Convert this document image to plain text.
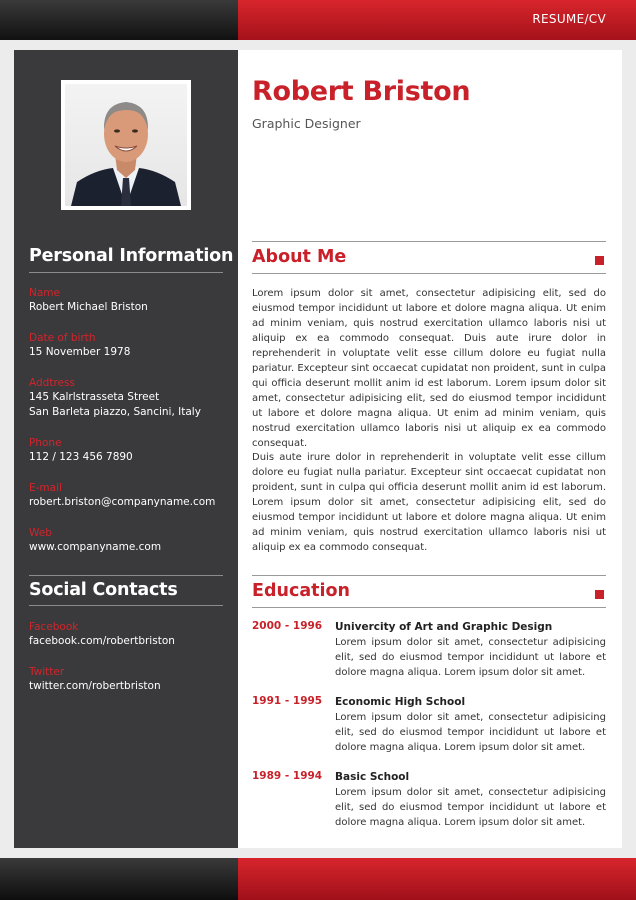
RESUME/CV
Personal Information
Name
Robert Michael Briston
Date of birth
15 November 1978
Addtress
145 Kalrlstrasseta Street
San Barleta piazzo, Sancini, Italy
Phone
112 / 123 456 7890
E-mail
robert.briston@companyname.com
Web
www.companyname.com
Social Contacts
Facebook
facebook.com/robertbriston
Twitter
twitter.com/robertbriston
Robert Briston
Graphic Designer
About Me
Lorem ipsum dolor sit amet, consectetur adipisicing elit, sed do eiusmod tempor incididunt ut labore et dolore magna aliqua. Ut enim ad minim veniam, quis nostrud exercitation ullamco laboris nisi ut aliquip ex ea commodo consequat. Duis aute irure dolor in reprehenderit in voluptate velit esse cillum dolore eu fugiat nulla pariatur. Excepteur sint occaecat cupidatat non proident, sunt in culpa qui officia deserunt mollit anim id est laborum. Lorem ipsum dolor sit amet, consectetur adipisicing elit, sed do eiusmod tempor incididunt ut labore et dolore magna aliqua. Ut enim ad minim veniam, quis nostrud exercitation ullamco laboris nisi ut aliquip ex ea commodo consequat.
Duis aute irure dolor in reprehenderit in voluptate velit esse cillum dolore eu fugiat nulla pariatur. Excepteur sint occaecat cupidatat non proident, sunt in culpa qui officia deserunt mollit anim id est laborum. Lorem ipsum dolor sit amet, consectetur adipisicing elit, sed do eiusmod tempor incididunt ut labore et dolore magna aliqua. Ut enim ad minim veniam, quis nostrud exercitation ullamco laboris nisi ut aliquip ex ea commodo consequat.
Education
2000 - 1996 Univercity of Art and Graphic Design
Lorem ipsum dolor sit amet, consectetur adipisicing elit, sed do eiusmod tempor incididunt ut labore et dolore magna aliqua. Lorem ipsum dolor sit amet.
1991 - 1995 Economic High School
Lorem ipsum dolor sit amet, consectetur adipisicing elit, sed do eiusmod tempor incididunt ut labore et dolore magna aliqua. Lorem ipsum dolor sit amet.
1989 - 1994 Basic School
Lorem ipsum dolor sit amet, consectetur adipisicing elit, sed do eiusmod tempor incididunt ut labore et dolore magna aliqua. Lorem ipsum dolor sit amet.
